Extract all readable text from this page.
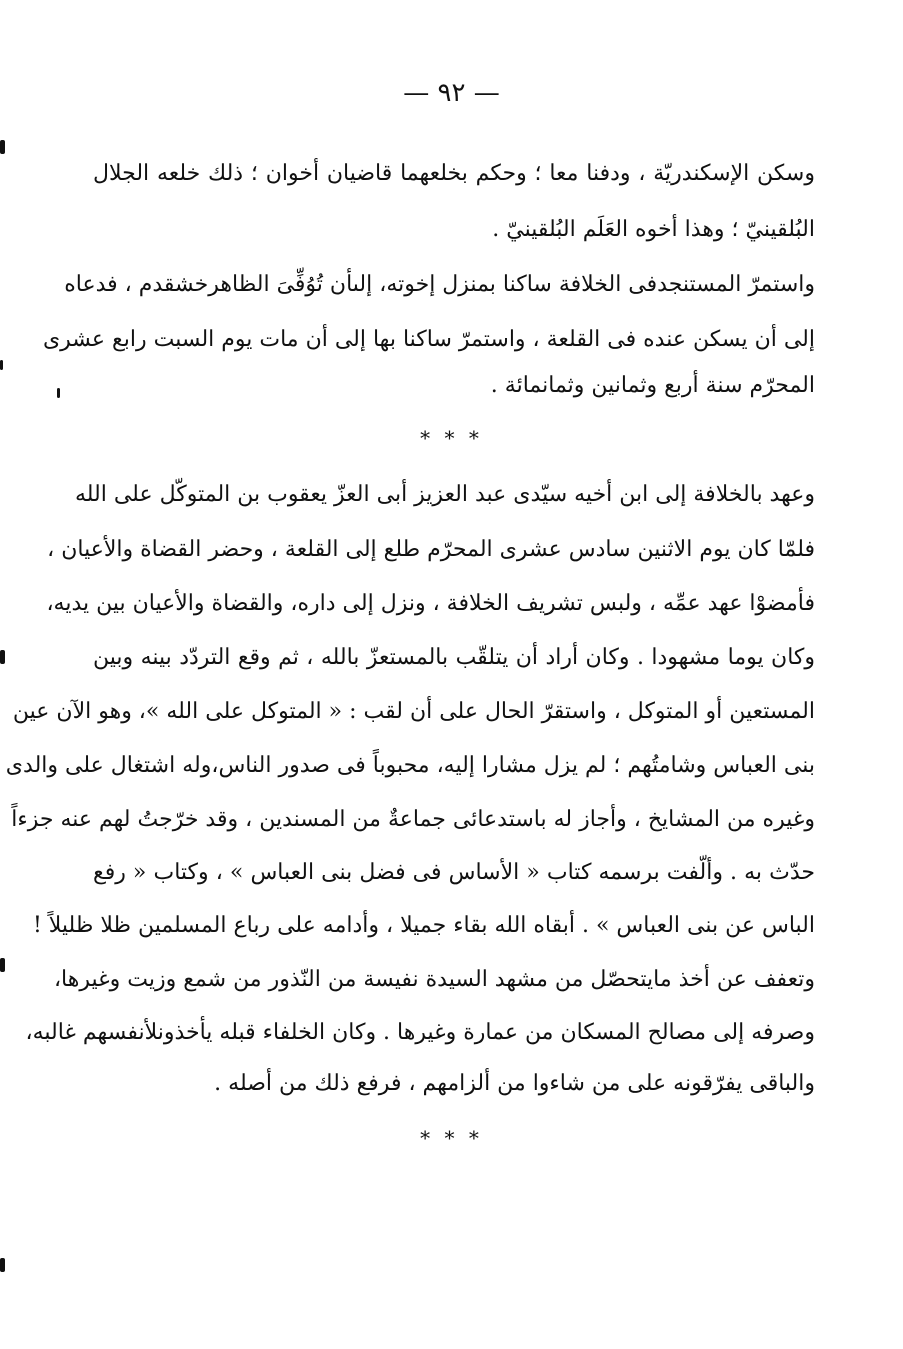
— ٩٢ —
وسكن الإسكندريّة ، ودفنا معا ؛ وحكم بخلعهما قاضيان أخوان ؛ ذلك خلعه الجلال
البُلقينيّ ؛ وهذا أخوه العَلَم البُلقينيّ .
واستمرّ المستنجدفى الخلافة ساكنا بمنزل إخوته، إلىأن تُوُفِّىَ الظاهرخشقدم ، فدعاه
إلى أن يسكن عنده فى القلعة ، واستمرّ ساكنا بها إلى أن مات يوم السبت رابع عشرى
المحرّم سنة أربع وثمانين وثمانمائة .
* * *
وعهد بالخلافة إلى ابن أخيه سيّدى عبد العزيز أبى العزّ يعقوب بن المتوكّل على الله
فلمّا كان يوم الاثنين سادس عشرى المحرّم طلع إلى القلعة ، وحضر القضاة والأعيان ،
فأمضوْا عهد عمِّه ، ولبس تشريف الخلافة ، ونزل إلى داره، والقضاة والأعيان بين يديه،
وكان يوما مشهودا . وكان أراد أن يتلقّب بالمستعزّ بالله ، ثم وقع التردّد بينه وبين
المستعين أو المتوكل ، واستقرّ الحال على أن لقب : « المتوكل على الله »، وهو الآن عين
بنى العباس وشامتُهم ؛ لم يزل مشارا إليه، محبوباً فى صدور الناس،وله اشتغال على والدى
وغيره من المشايخ ، وأجاز له باستدعائى جماعةٌ من المسندين ، وقد خرّجتُ لهم عنه جزءاً
حدّث به . وألّفت برسمه كتاب « الأساس فى فضل بنى العباس » ، وكتاب « رفع
الباس عن بنى العباس » . أبقاه الله بقاء جميلا ، وأدامه على رباع المسلمين ظلا ظليلاً !
وتعفف عن أخذ مايتحصّل من مشهد السيدة نفيسة من النّذور من شمع وزيت وغيرها،
وصرفه إلى مصالح المسكان من عمارة وغيرها . وكان الخلفاء قبله يأخذونلأنفسهم غالبه،
والباقى يفرّقونه على من شاءوا من ألزامهم ، فرفع ذلك من أصله .
* * *
